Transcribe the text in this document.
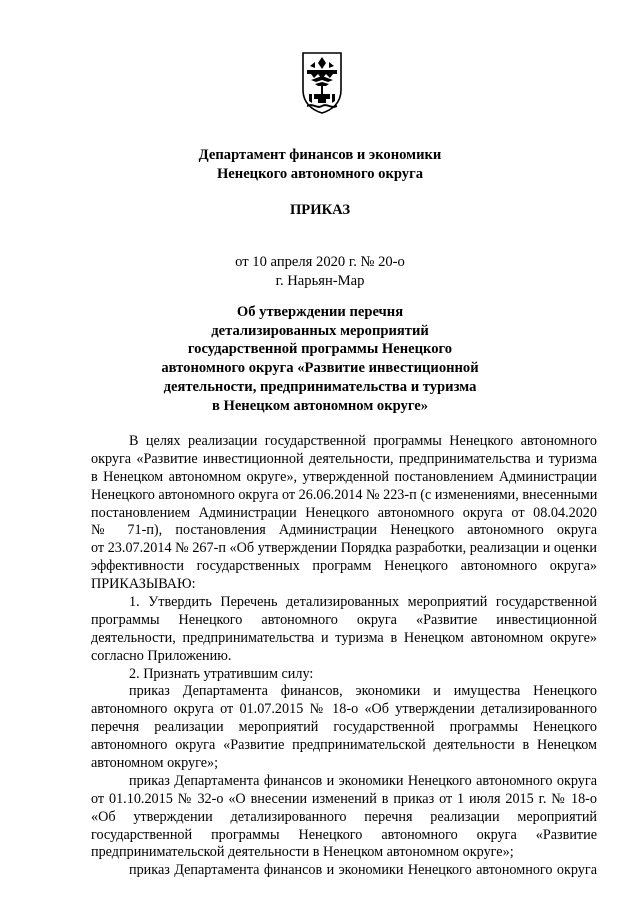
Департамент финансов и экономики
Ненецкого автономного округа
ПРИКАЗ
от 10 апреля 2020 г. № 20-о
г. Нарьян-Мар
Об утверждении перечня
детализированных мероприятий
государственной программы Ненецкого
автономного округа «Развитие инвестиционной
деятельности, предпринимательства и туризма
в Ненецком автономном округе»
В целях реализации государственной программы Ненецкого автономного
округа «Развитие инвестиционной деятельности, предпринимательства и туризма
в Ненецком автономном округе», утвержденной постановлением Администрации
Ненецкого автономного округа от 26.06.2014 № 223-п (с изменениями, внесенными
постановлением Администрации Ненецкого автономного округа от 08.04.2020
№ 71-п), постановления Администрации Ненецкого автономного округа
от 23.07.2014 № 267-п «Об утверждении Порядка разработки, реализации и оценки
эффективности государственных программ Ненецкого автономного округа»
ПРИКАЗЫВАЮ:
1. Утвердить Перечень детализированных мероприятий государственной
программы Ненецкого автономного округа «Развитие инвестиционной
деятельности, предпринимательства и туризма в Ненецком автономном округе»
согласно Приложению.
2. Признать утратившим силу:
приказ Департамента финансов, экономики и имущества Ненецкого
автономного округа от 01.07.2015 № 18-о «Об утверждении детализированного
перечня реализации мероприятий государственной программы Ненецкого
автономного округа «Развитие предпринимательской деятельности в Ненецком
автономном округе»;
приказ Департамента финансов и экономики Ненецкого автономного округа
от 01.10.2015 № 32-о «О внесении изменений в приказ от 1 июля 2015 г. № 18-о
«Об утверждении детализированного перечня реализации мероприятий
государственной программы Ненецкого автономного округа «Развитие
предпринимательской деятельности в Ненецком автономном округе»;
приказ Департамента финансов и экономики Ненецкого автономного округа
